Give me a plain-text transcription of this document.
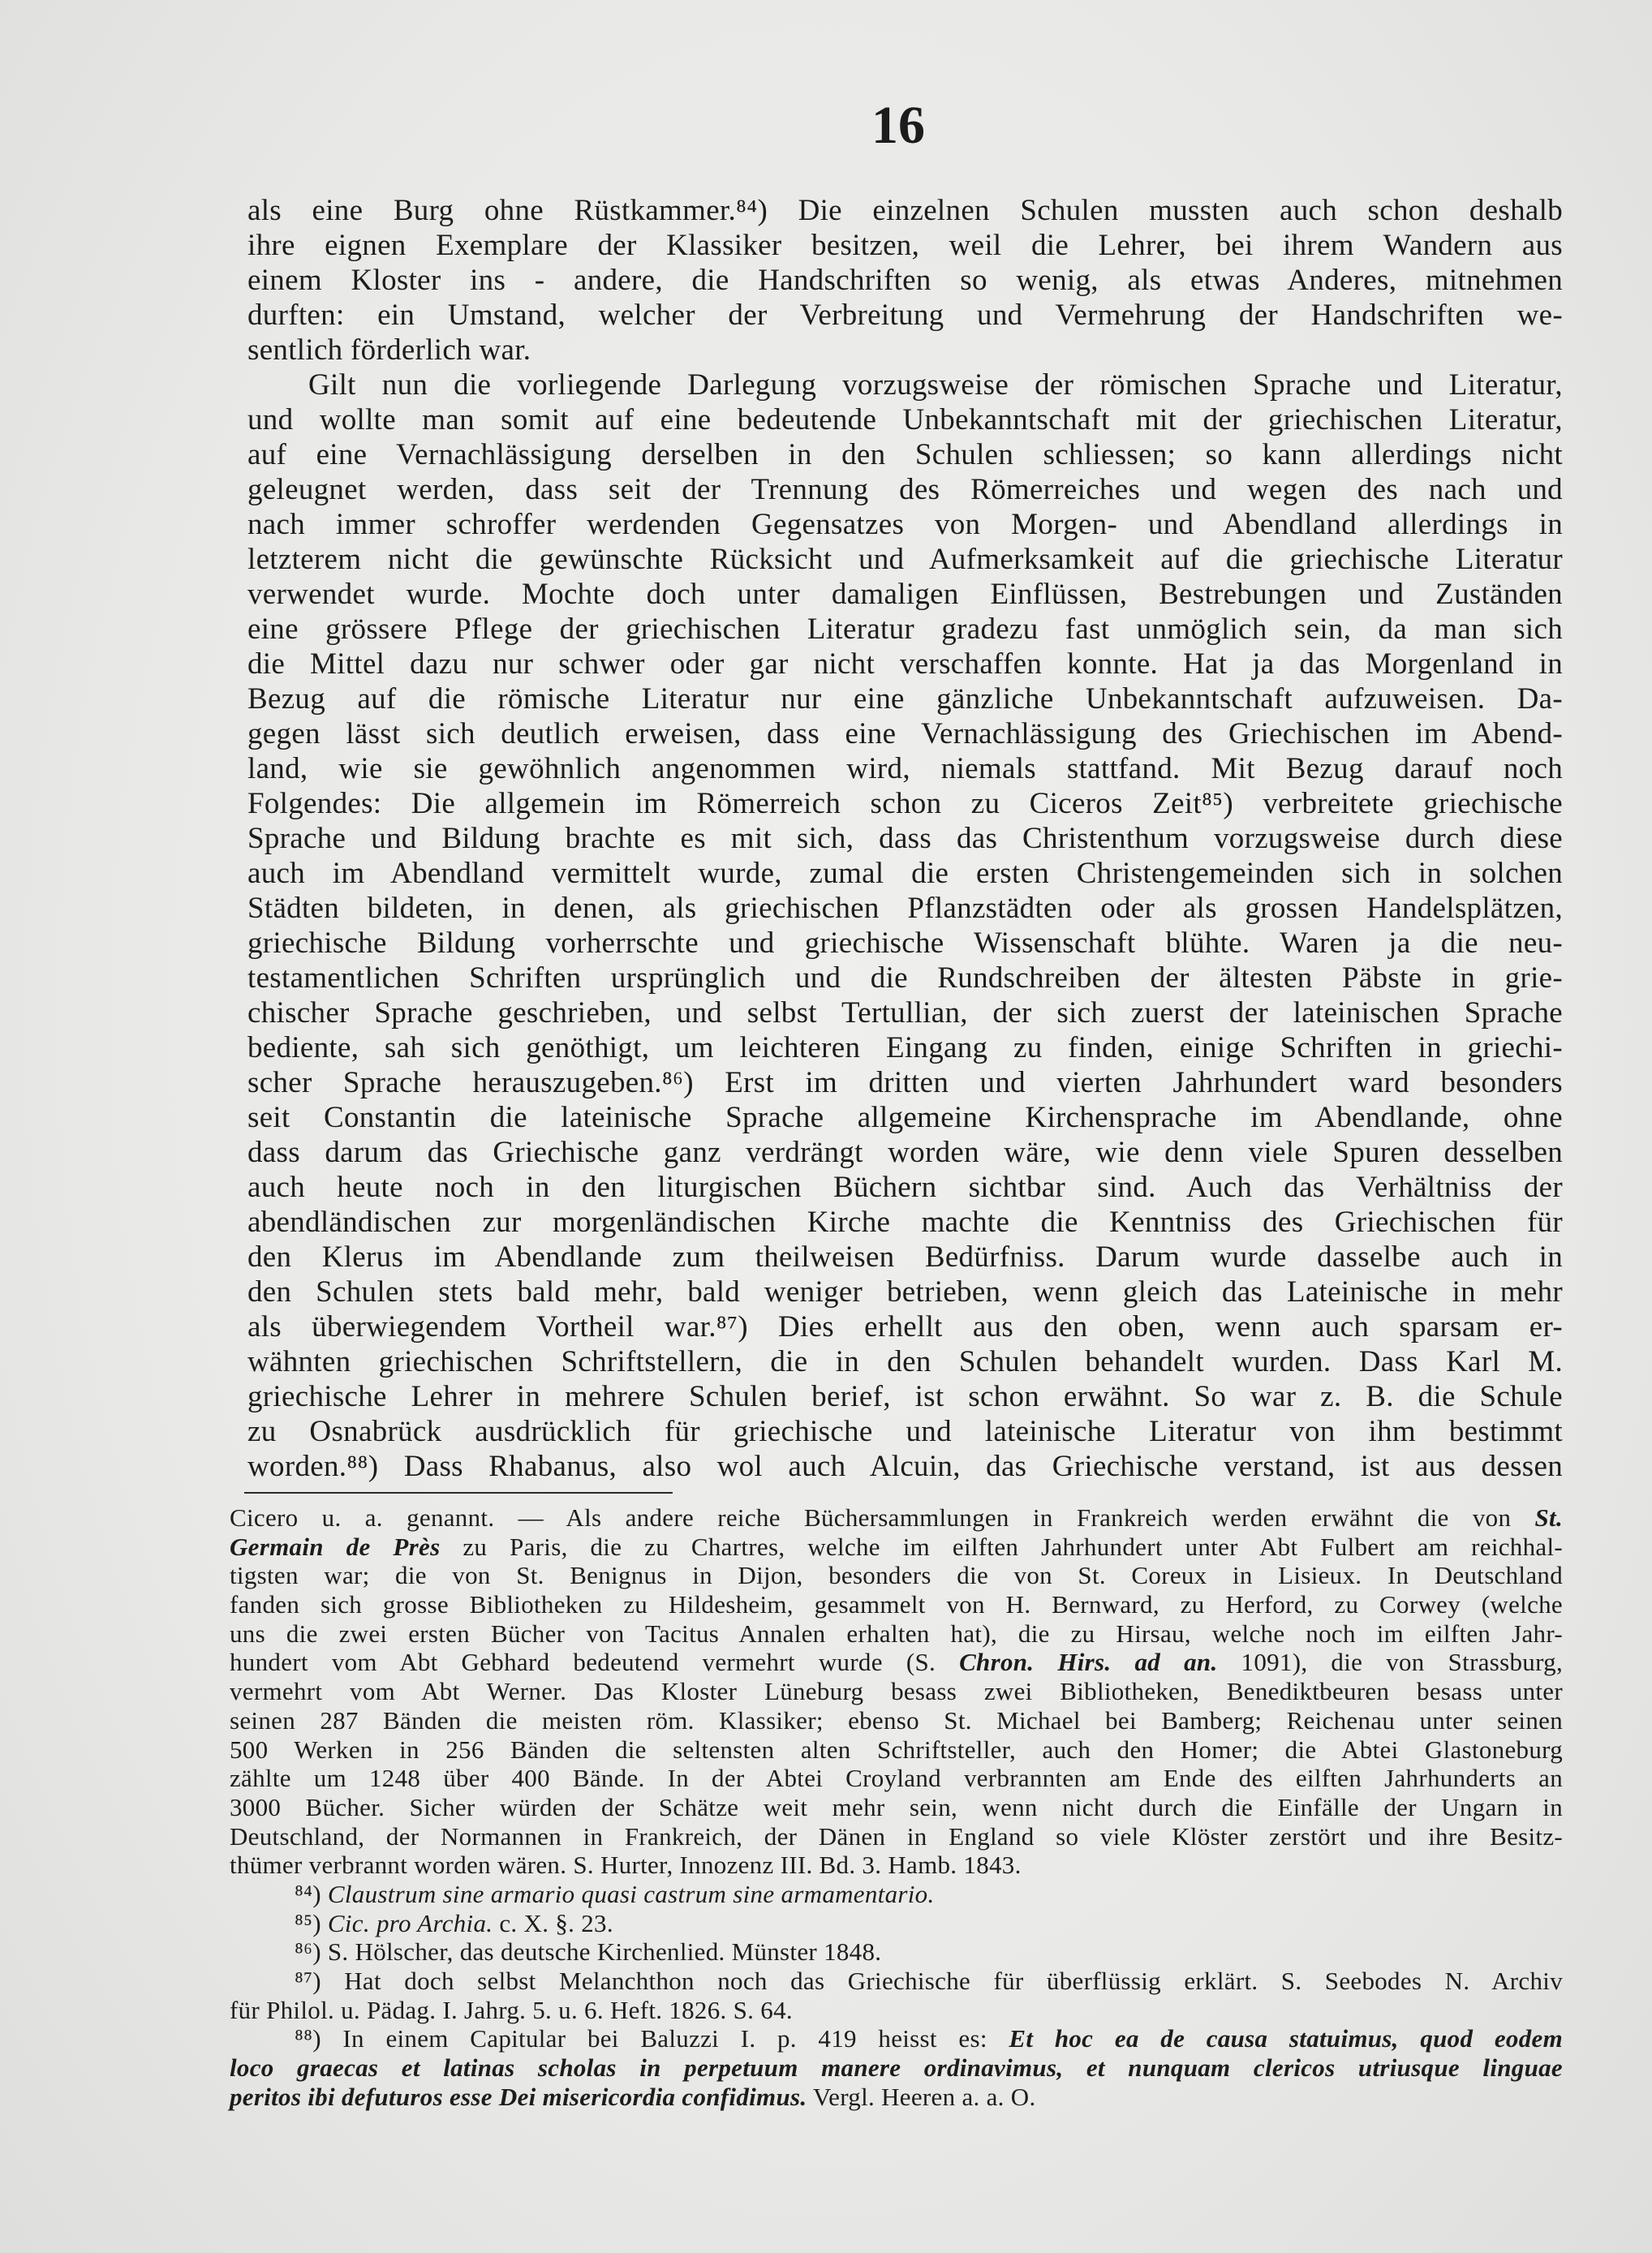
16
als eine Burg ohne Rüstkammer.⁸⁴) Die einzelnen Schulen mussten auch schon deshalb
ihre eignen Exemplare der Klassiker besitzen, weil die Lehrer, bei ihrem Wandern aus
einem Kloster ins - andere, die Handschriften so wenig, als etwas Anderes, mitnehmen
durften: ein Umstand, welcher der Verbreitung und Vermehrung der Handschriften we-
sentlich förderlich war.
Gilt nun die vorliegende Darlegung vorzugsweise der römischen Sprache und Literatur,
und wollte man somit auf eine bedeutende Unbekanntschaft mit der griechischen Literatur,
auf eine Vernachlässigung derselben in den Schulen schliessen; so kann allerdings nicht
geleugnet werden, dass seit der Trennung des Römerreiches und wegen des nach und
nach immer schroffer werdenden Gegensatzes von Morgen- und Abendland allerdings in
letzterem nicht die gewünschte Rücksicht und Aufmerksamkeit auf die griechische Literatur
verwendet wurde. Mochte doch unter damaligen Einflüssen, Bestrebungen und Zuständen
eine grössere Pflege der griechischen Literatur gradezu fast unmöglich sein, da man sich
die Mittel dazu nur schwer oder gar nicht verschaffen konnte. Hat ja das Morgenland in
Bezug auf die römische Literatur nur eine gänzliche Unbekanntschaft aufzuweisen. Da-
gegen lässt sich deutlich erweisen, dass eine Vernachlässigung des Griechischen im Abend-
land, wie sie gewöhnlich angenommen wird, niemals stattfand. Mit Bezug darauf noch
Folgendes: Die allgemein im Römerreich schon zu Ciceros Zeit⁸⁵) verbreitete griechische
Sprache und Bildung brachte es mit sich, dass das Christenthum vorzugsweise durch diese
auch im Abendland vermittelt wurde, zumal die ersten Christengemeinden sich in solchen
Städten bildeten, in denen, als griechischen Pflanzstädten oder als grossen Handelsplätzen,
griechische Bildung vorherrschte und griechische Wissenschaft blühte. Waren ja die neu-
testamentlichen Schriften ursprünglich und die Rundschreiben der ältesten Päbste in grie-
chischer Sprache geschrieben, und selbst Tertullian, der sich zuerst der lateinischen Sprache
bediente, sah sich genöthigt, um leichteren Eingang zu finden, einige Schriften in griechi-
scher Sprache herauszugeben.⁸⁶) Erst im dritten und vierten Jahrhundert ward besonders
seit Constantin die lateinische Sprache allgemeine Kirchensprache im Abendlande, ohne
dass darum das Griechische ganz verdrängt worden wäre, wie denn viele Spuren desselben
auch heute noch in den liturgischen Büchern sichtbar sind. Auch das Verhältniss der
abendländischen zur morgenländischen Kirche machte die Kenntniss des Griechischen für
den Klerus im Abendlande zum theilweisen Bedürfniss. Darum wurde dasselbe auch in
den Schulen stets bald mehr, bald weniger betrieben, wenn gleich das Lateinische in mehr
als überwiegendem Vortheil war.⁸⁷) Dies erhellt aus den oben, wenn auch sparsam er-
wähnten griechischen Schriftstellern, die in den Schulen behandelt wurden. Dass Karl M.
griechische Lehrer in mehrere Schulen berief, ist schon erwähnt. So war z. B. die Schule
zu Osnabrück ausdrücklich für griechische und lateinische Literatur von ihm bestimmt
worden.⁸⁸) Dass Rhabanus, also wol auch Alcuin, das Griechische verstand, ist aus dessen
Cicero u. a. genannt. — Als andere reiche Büchersammlungen in Frankreich werden erwähnt die von St.
Germain de Près zu Paris, die zu Chartres, welche im eilften Jahrhundert unter Abt Fulbert am reichhal-
tigsten war; die von St. Benignus in Dijon, besonders die von St. Coreux in Lisieux. In Deutschland
fanden sich grosse Bibliotheken zu Hildesheim, gesammelt von H. Bernward, zu Herford, zu Corwey (welche
uns die zwei ersten Bücher von Tacitus Annalen erhalten hat), die zu Hirsau, welche noch im eilften Jahr-
hundert vom Abt Gebhard bedeutend vermehrt wurde (S. Chron. Hirs. ad an. 1091), die von Strassburg,
vermehrt vom Abt Werner. Das Kloster Lüneburg besass zwei Bibliotheken, Benediktbeuren besass unter
seinen 287 Bänden die meisten röm. Klassiker; ebenso St. Michael bei Bamberg; Reichenau unter seinen
500 Werken in 256 Bänden die seltensten alten Schriftsteller, auch den Homer; die Abtei Glastoneburg
zählte um 1248 über 400 Bände. In der Abtei Croyland verbrannten am Ende des eilften Jahrhunderts an
3000 Bücher. Sicher würden der Schätze weit mehr sein, wenn nicht durch die Einfälle der Ungarn in
Deutschland, der Normannen in Frankreich, der Dänen in England so viele Klöster zerstört und ihre Besitz-
thümer verbrannt worden wären. S. Hurter, Innozenz III. Bd. 3. Hamb. 1843.
⁸⁴) Claustrum sine armario quasi castrum sine armamentario.
⁸⁵) Cic. pro Archia. c. X. §. 23.
⁸⁶) S. Hölscher, das deutsche Kirchenlied. Münster 1848.
⁸⁷) Hat doch selbst Melanchthon noch das Griechische für überflüssig erklärt. S. Seebodes N. Archiv
für Philol. u. Pädag. I. Jahrg. 5. u. 6. Heft. 1826. S. 64.
⁸⁸) In einem Capitular bei Baluzzi I. p. 419 heisst es: Et hoc ea de causa statuimus, quod eodem
loco graecas et latinas scholas in perpetuum manere ordinavimus, et nunquam clericos utriusque linguae
peritos ibi defuturos esse Dei misericordia confidimus. Vergl. Heeren a. a. O.
